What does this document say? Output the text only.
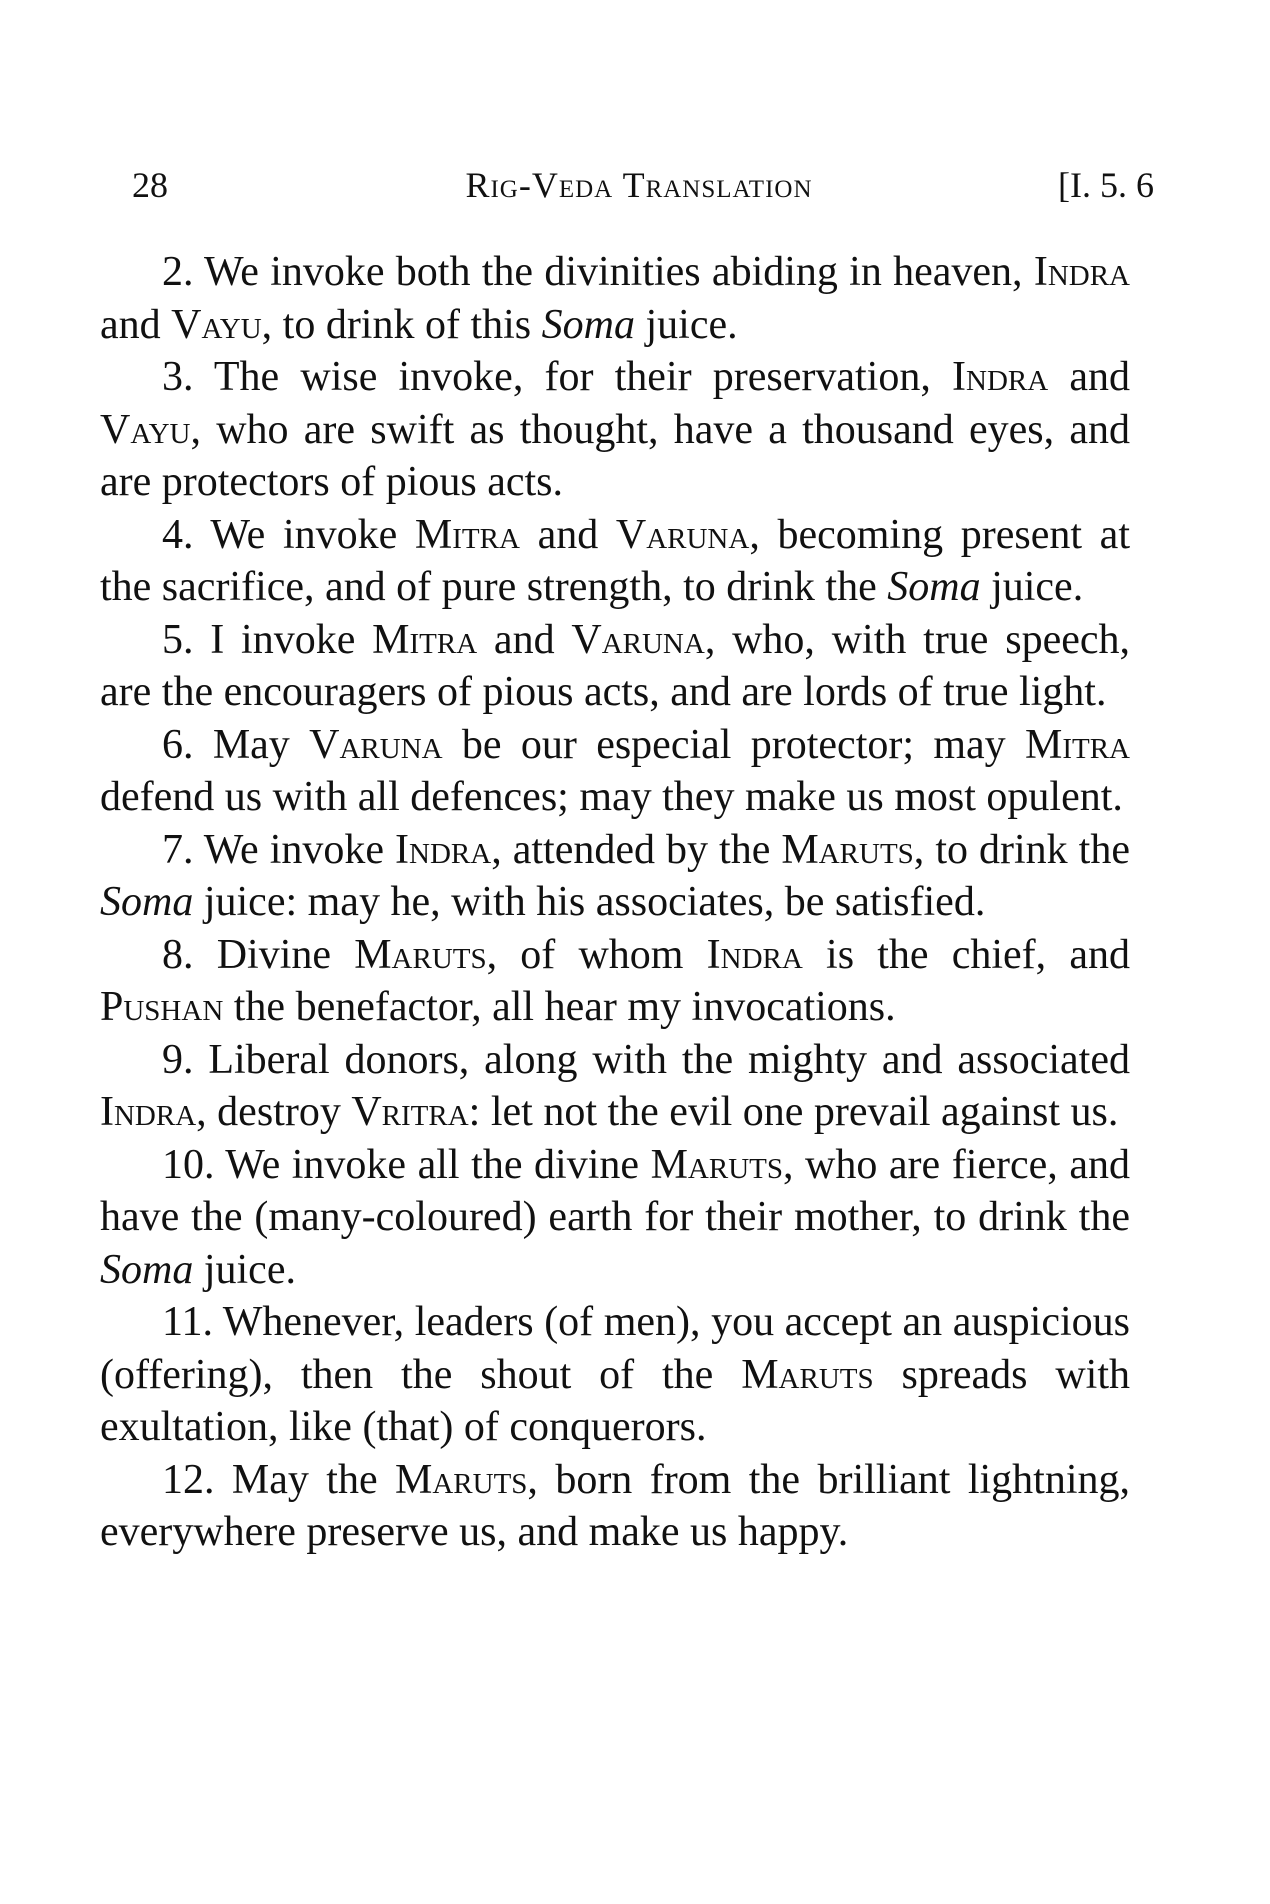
28	Rig-Veda Translation	[I. 5. 6

2. We invoke both the divinities abiding in heaven, Indra and Vayu, to drink of this Soma juice.

3. The wise invoke, for their preservation, Indra and Vayu, who are swift as thought, have a thousand eyes, and are protectors of pious acts.

4. We invoke Mitra and Varuna, becoming present at the sacrifice, and of pure strength, to drink the Soma juice.

5. I invoke Mitra and Varuna, who, with true speech, are the encouragers of pious acts, and are lords of true light.

6. May Varuna be our especial protector; may Mitra defend us with all defences; may they make us most opulent.

7. We invoke Indra, attended by the Maruts, to drink the Soma juice: may he, with his associates, be satisfied.

8. Divine Maruts, of whom Indra is the chief, and Pushan the benefactor, all hear my invocations.

9. Liberal donors, along with the mighty and associated Indra, destroy Vritra: let not the evil one prevail against us.

10. We invoke all the divine Maruts, who are fierce, and have the (many-coloured) earth for their mother, to drink the Soma juice.

11. Whenever, leaders (of men), you accept an auspicious (offering), then the shout of the Maruts spreads with exultation, like (that) of conquerors.

12. May the Maruts, born from the brilliant lightning, everywhere preserve us, and make us happy.
